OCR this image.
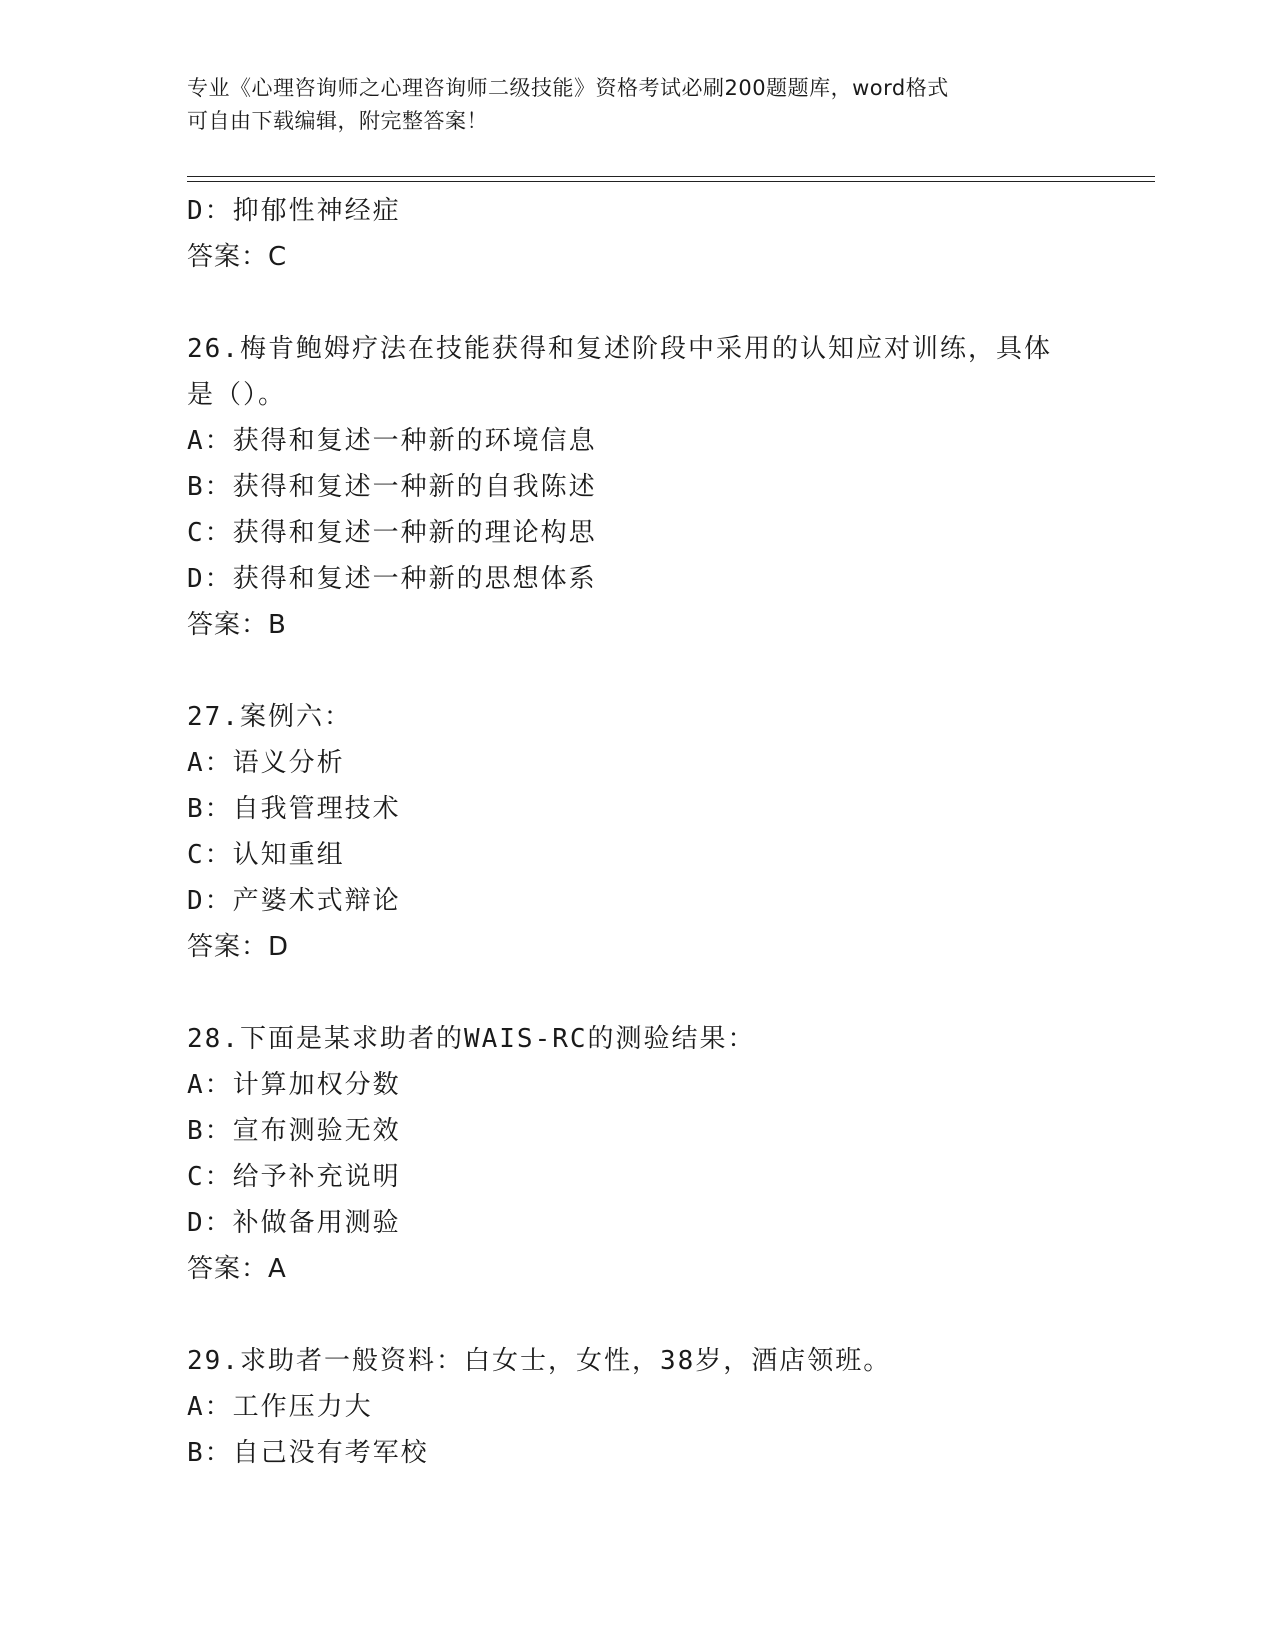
专业《心理咨询师之心理咨询师二级技能》资格考试必刷200题题库，word格式
可自由下载编辑，附完整答案！
D：抑郁性神经症
答案：C
26.梅肯鲍姆疗法在技能获得和复述阶段中采用的认知应对训练，具体
是（）。
A：获得和复述一种新的环境信息
B：获得和复述一种新的自我陈述
C：获得和复述一种新的理论构思
D：获得和复述一种新的思想体系
答案：B
27.案例六：
A：语义分析
B：自我管理技术
C：认知重组
D：产婆术式辩论
答案：D
28.下面是某求助者的WAIS-RC的测验结果：
A：计算加权分数
B：宣布测验无效
C：给予补充说明
D：补做备用测验
答案：A
29.求助者一般资料：白女士，女性，38岁，酒店领班。
A：工作压力大
B：自己没有考军校
